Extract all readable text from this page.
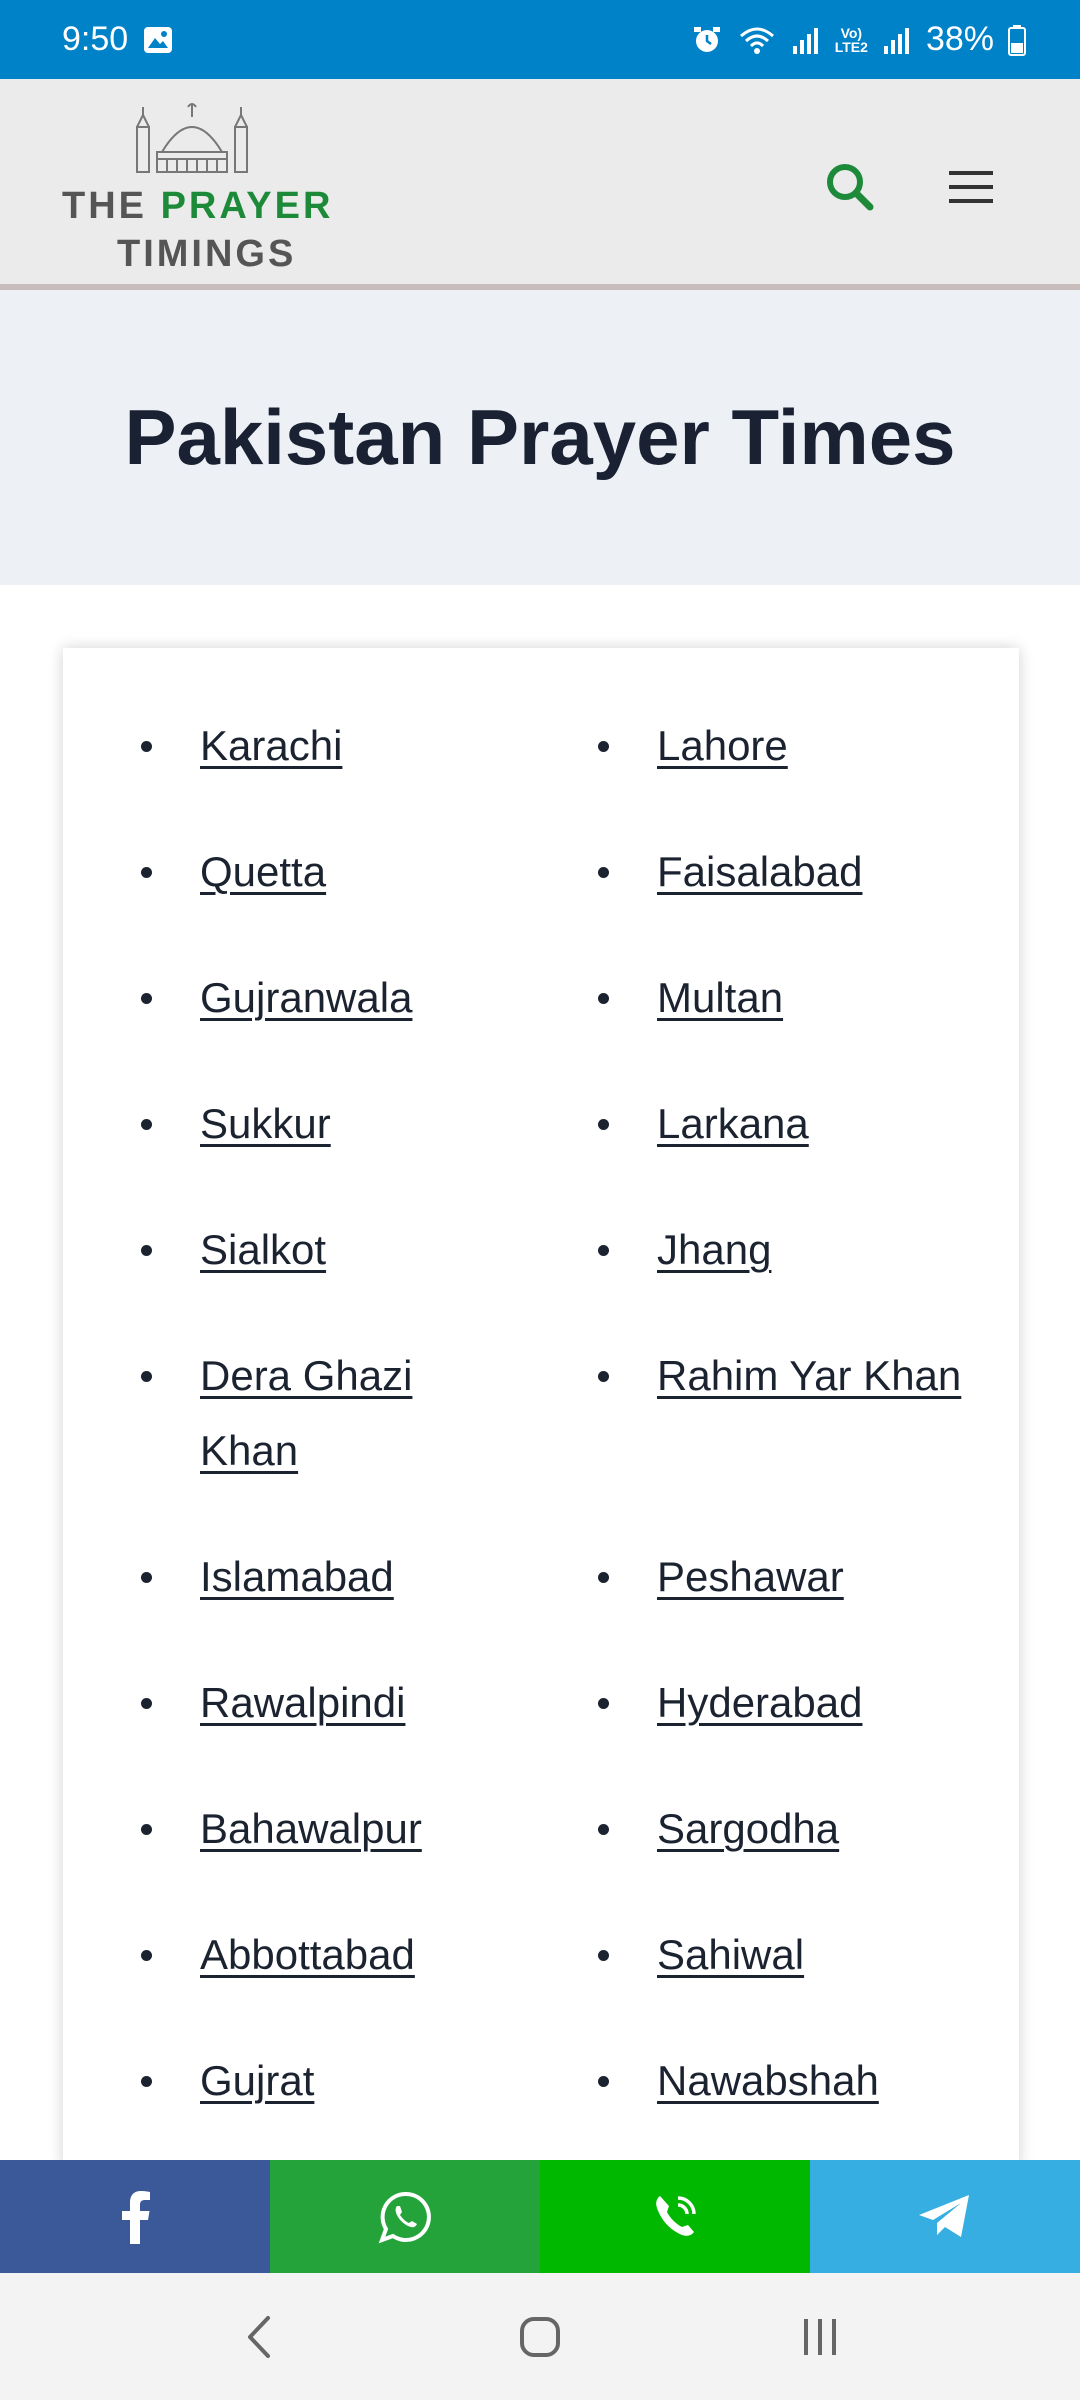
9:50	Vo)
LTE2 38%
THE PRAYER
TIMINGS
Pakistan Prayer Times
Karachi	Lahore
Quetta	Faisalabad
Gujranwala	Multan
Sukkur	Larkana
Sialkot	Jhang
Dera Ghazi Khan
Rahim Yar Khan
Islamabad	Peshawar
Rawalpindi	Hyderabad
Bahawalpur	Sargodha
Abbottabad	Sahiwal
Gujrat	Nawabshah
